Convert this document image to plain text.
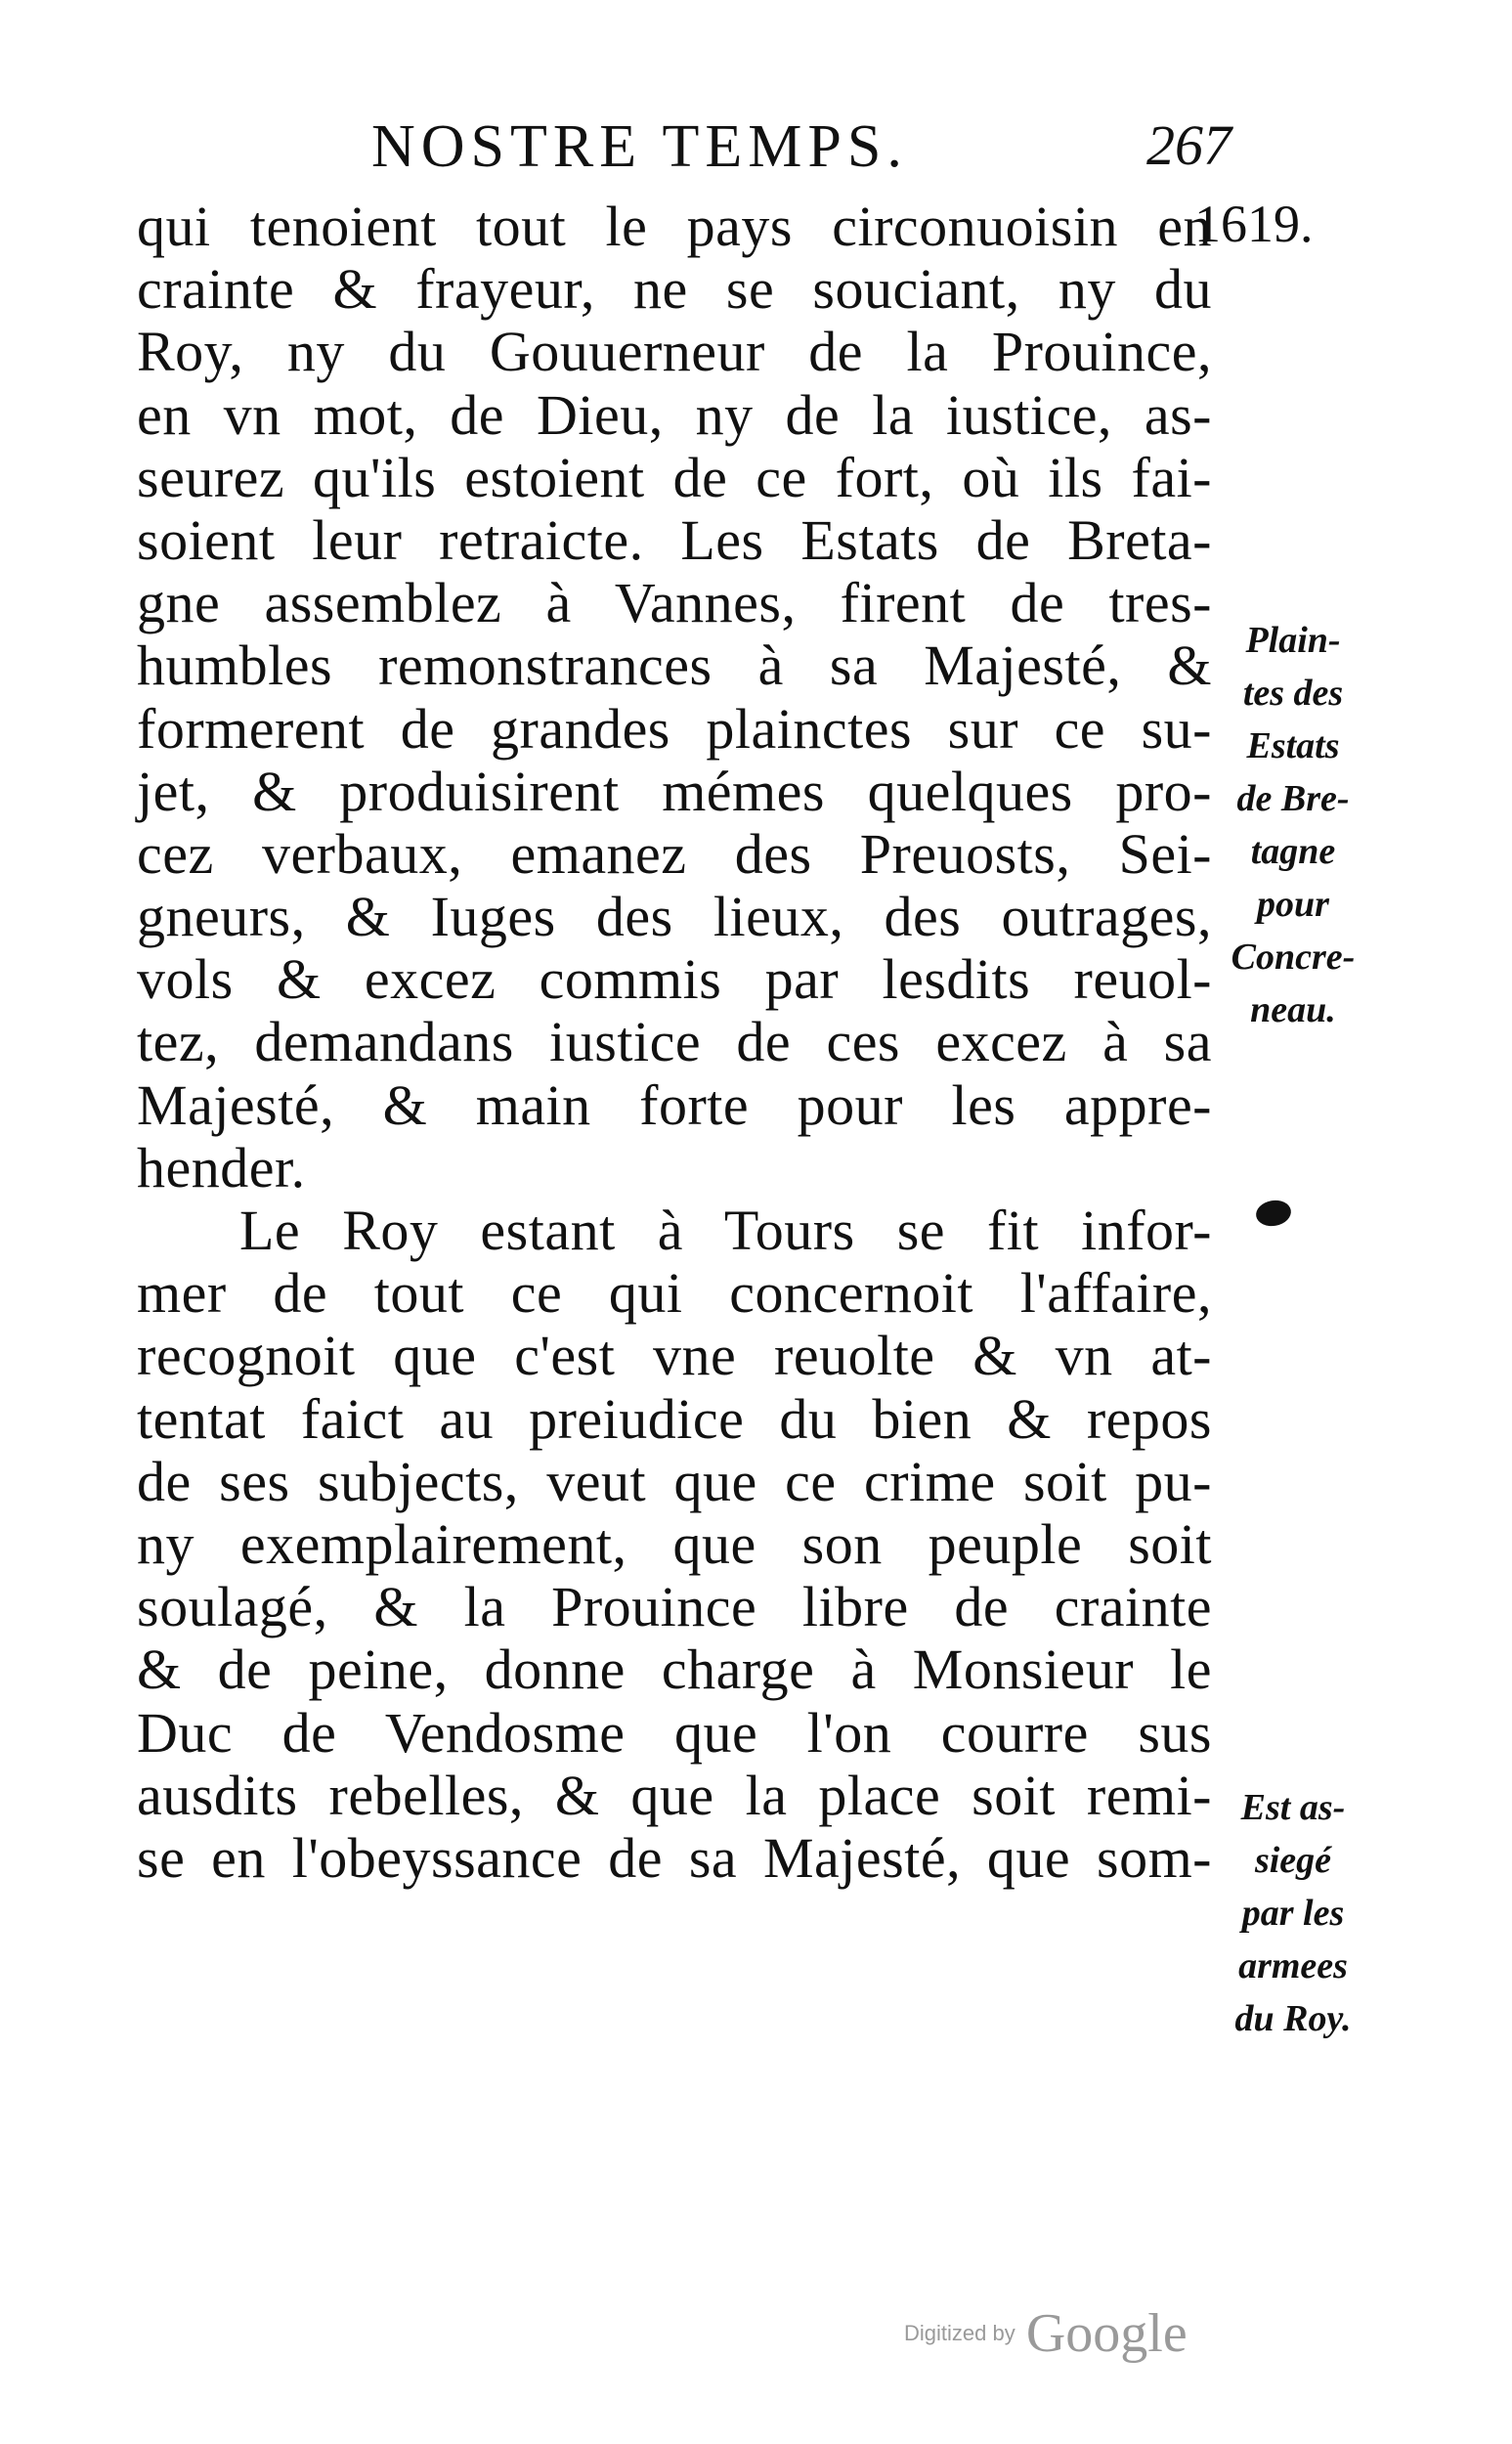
NOSTRE TEMPS.	267
1619.
qui tenoient tout le pays circonuoisin en
crainte & frayeur, ne se souciant, ny du
Roy, ny du Gouuerneur de la Prouince,
en vn mot, de Dieu, ny de la iustice, as-
seurez qu'ils estoient de ce fort, où ils fai-
soient leur retraicte. Les Estats de Breta-
gne assemblez à Vannes, firent de tres-
humbles remonstrances à sa Majesté, &
formerent de grandes plainctes sur ce su-
jet, & produisirent mémes quelques pro-
cez verbaux, emanez des Preuosts, Sei-
gneurs, & Iuges des lieux, des outrages,
vols & excez commis par lesdits reuol-
tez, demandans iustice de ces excez à sa
Majesté, & main forte pour les appre-
hender.
Le Roy estant à Tours se fit infor-
mer de tout ce qui concernoit l'affaire,
recognoit que c'est vne reuolte & vn at-
tentat faict au preiudice du bien & repos
de ses subjects, veut que ce crime soit pu-
ny exemplairement, que son peuple soit
soulagé, & la Prouince libre de crainte
& de peine, donne charge à Monsieur le
Duc de Vendosme que l'on courre sus
ausdits rebelles, & que la place soit remi-
se en l'obeyssance de sa Majesté, que som-
Plain-
tes des
Estats
de Bre-
tagne
pour
Concre-
neau.
Est as-
siegé
par les
armees
du Roy.
Digitized by Google
